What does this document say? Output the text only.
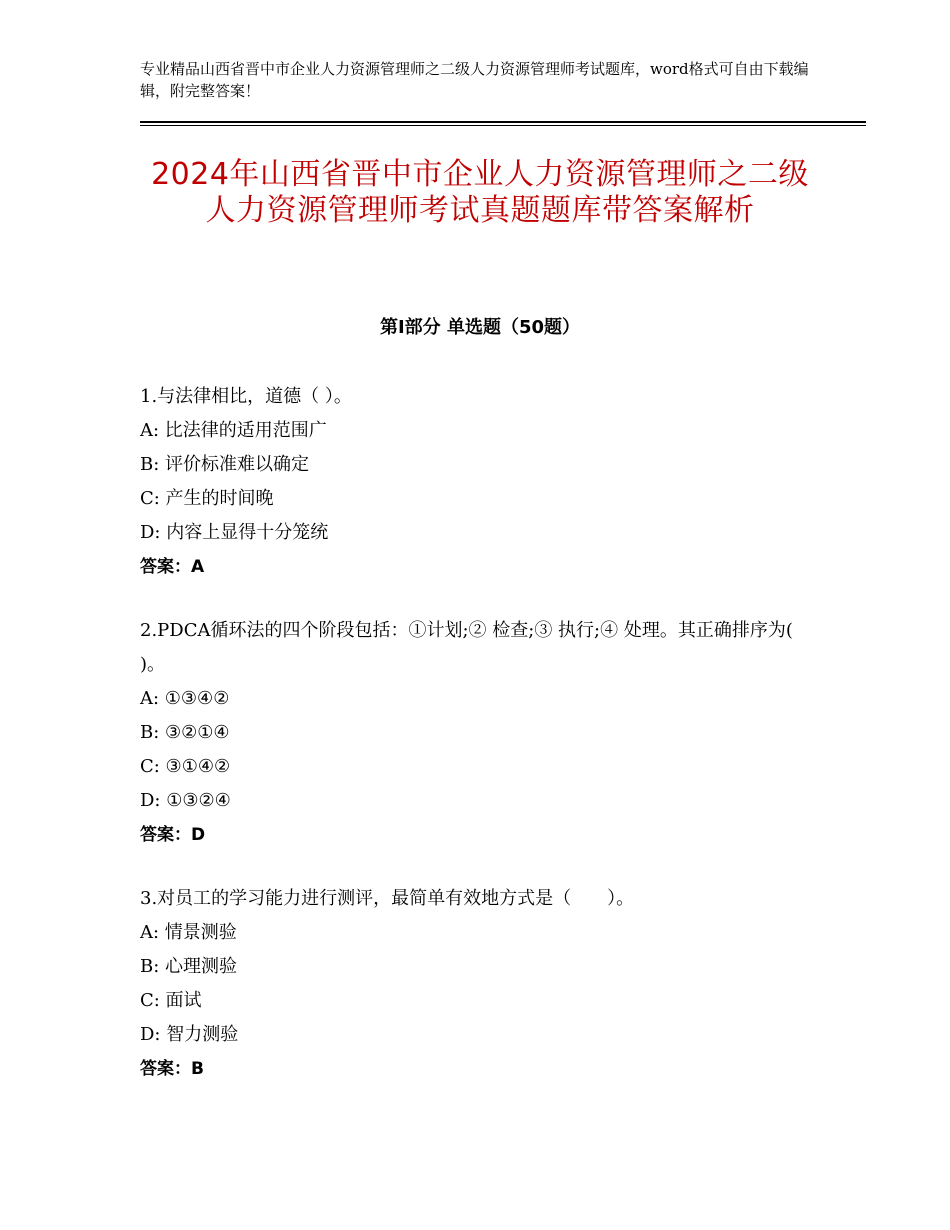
专业精品山西省晋中市企业人力资源管理师之二级人力资源管理师考试题库，word格式可自由下载编辑，附完整答案！
2024年山西省晋中市企业人力资源管理师之二级人力资源管理师考试真题题库带答案解析
第Ⅰ部分 单选题（50题）

1.与法律相比，道德（ ）。

A: 比法律的适用范围广

B: 评价标准难以确定

C: 产生的时间晚

D: 内容上显得十分笼统

答案：A

2.PDCA循环法的四个阶段包括：①计划;② 检查;③ 执行;④ 处理。其正确排序为( )。

A: ①③④②

B: ③②①④

C: ③①④②

D: ①③②④

答案：D

3.对员工的学习能力进行测评，最简单有效地方式是（　　）。

A: 情景测验

B: 心理测验

C: 面试

D: 智力测验

答案：B
